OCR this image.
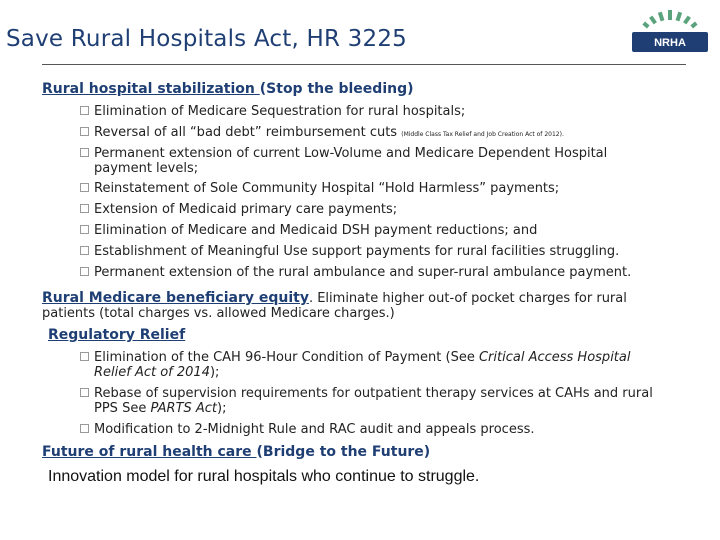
Save Rural Hospitals Act, HR 3225	NRHA
Rural hospital stabilization (Stop the bleeding)
Elimination of Medicare Sequestration for rural hospitals;
Reversal of all “bad debt” reimbursement cuts (Middle Class Tax Relief and Job Creation Act of 2012).
Permanent extension of current Low-Volume and Medicare Dependent Hospital
payment levels;
Reinstatement of Sole Community Hospital “Hold Harmless” payments;
Extension of Medicaid primary care payments;
Elimination of Medicare and Medicaid DSH payment reductions; and
Establishment of Meaningful Use support payments for rural facilities struggling.
Permanent extension of the rural ambulance and super-rural ambulance payment.
Rural Medicare beneficiary equity. Eliminate higher out-of pocket charges for rural
patients (total charges vs. allowed Medicare charges.)
Regulatory Relief
Elimination of the CAH 96-Hour Condition of Payment (See Critical Access Hospital
Relief Act of 2014);
Rebase of supervision requirements for outpatient therapy services at CAHs and rural
PPS See PARTS Act);
Modification to 2-Midnight Rule and RAC audit and appeals process.
Future of rural health care (Bridge to the Future)
Innovation model for rural hospitals who continue to struggle.
